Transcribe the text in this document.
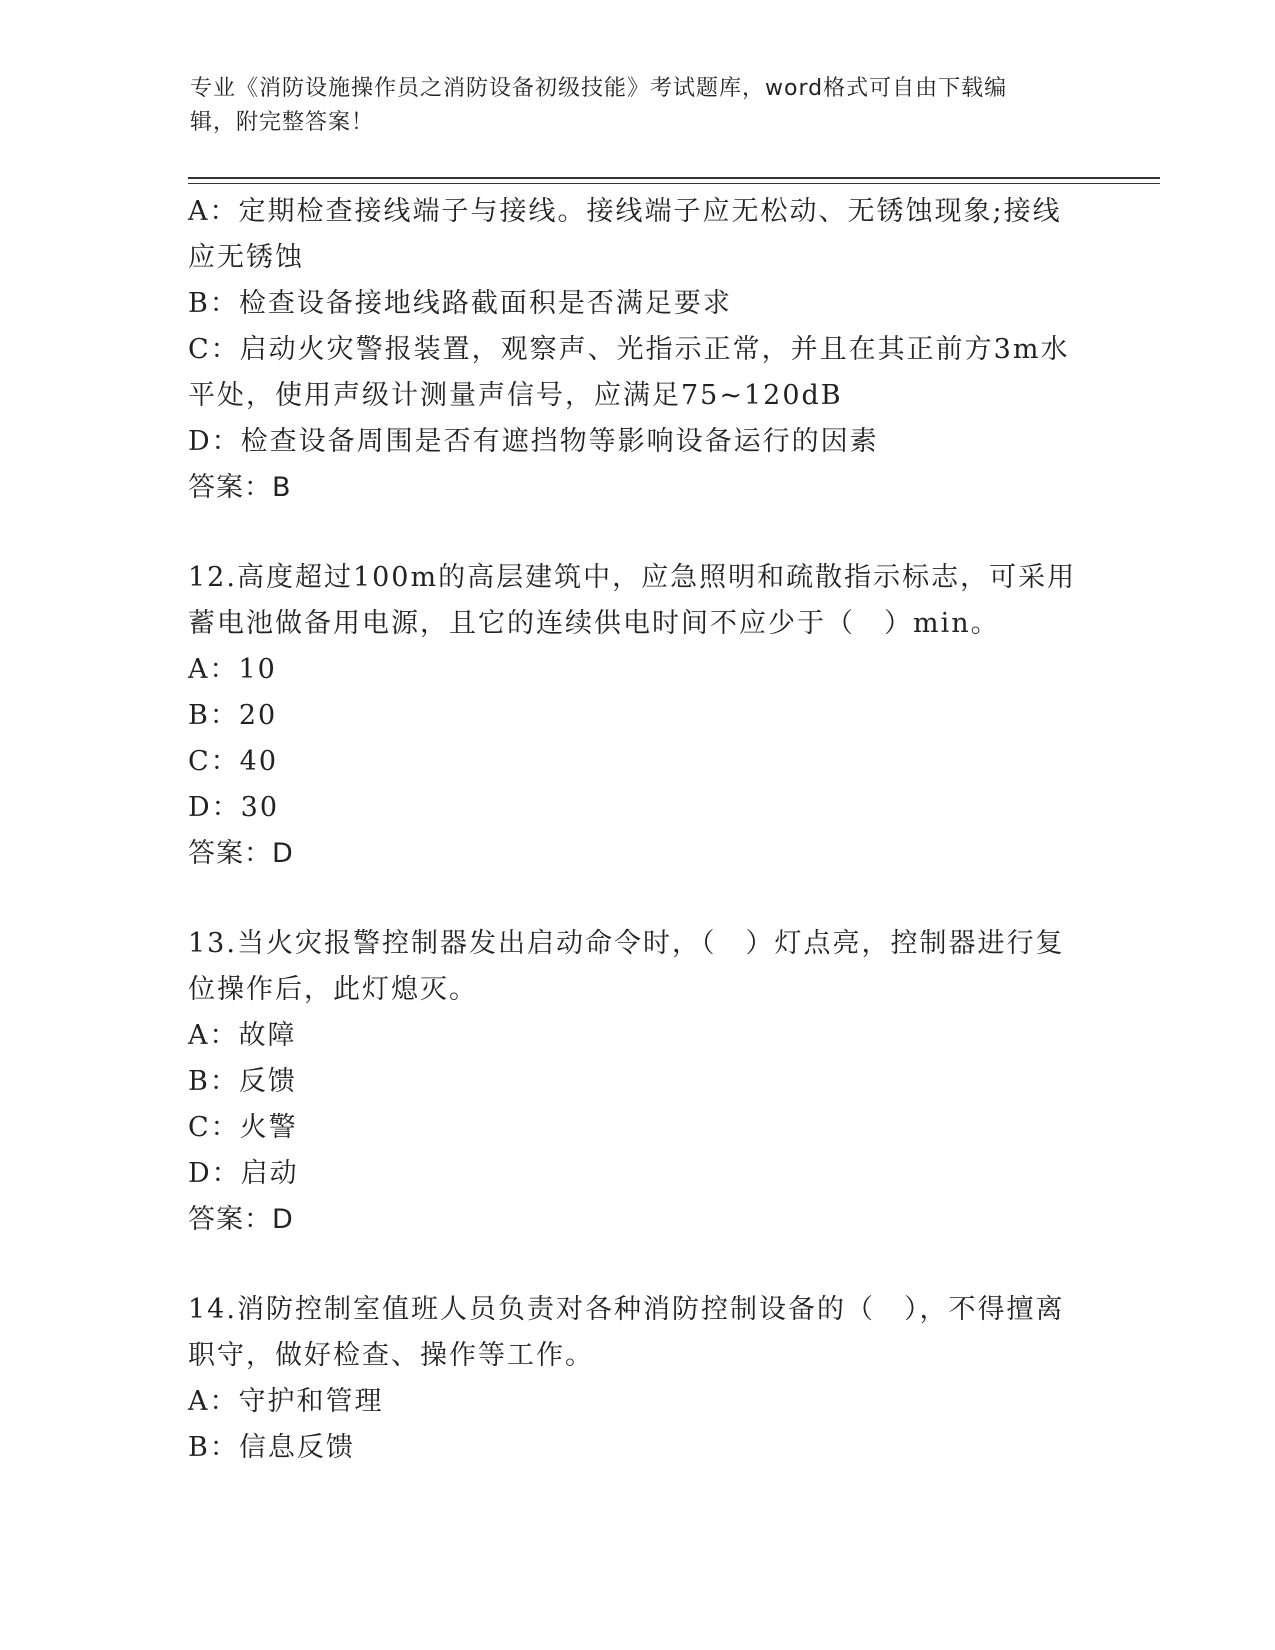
专业《消防设施操作员之消防设备初级技能》考试题库，word格式可自由下载编
辑，附完整答案！
A：定期检查接线端子与接线。接线端子应无松动、无锈蚀现象;接线
应无锈蚀
B：检查设备接地线路截面积是否满足要求
C：启动火灾警报装置，观察声、光指示正常，并且在其正前方3m水
平处，使用声级计测量声信号，应满足75~120dB
D：检查设备周围是否有遮挡物等影响设备运行的因素
答案：B
12.高度超过100m的高层建筑中，应急照明和疏散指示标志，可采用
蓄电池做备用电源，且它的连续供电时间不应少于（　）min。
A：10
B：20
C：40
D：30
答案：D
13.当火灾报警控制器发出启动命令时，（　）灯点亮，控制器进行复
位操作后，此灯熄灭。
A：故障
B：反馈
C：火警
D：启动
答案：D
14.消防控制室值班人员负责对各种消防控制设备的（　），不得擅离
职守，做好检查、操作等工作。
A：守护和管理
B：信息反馈
